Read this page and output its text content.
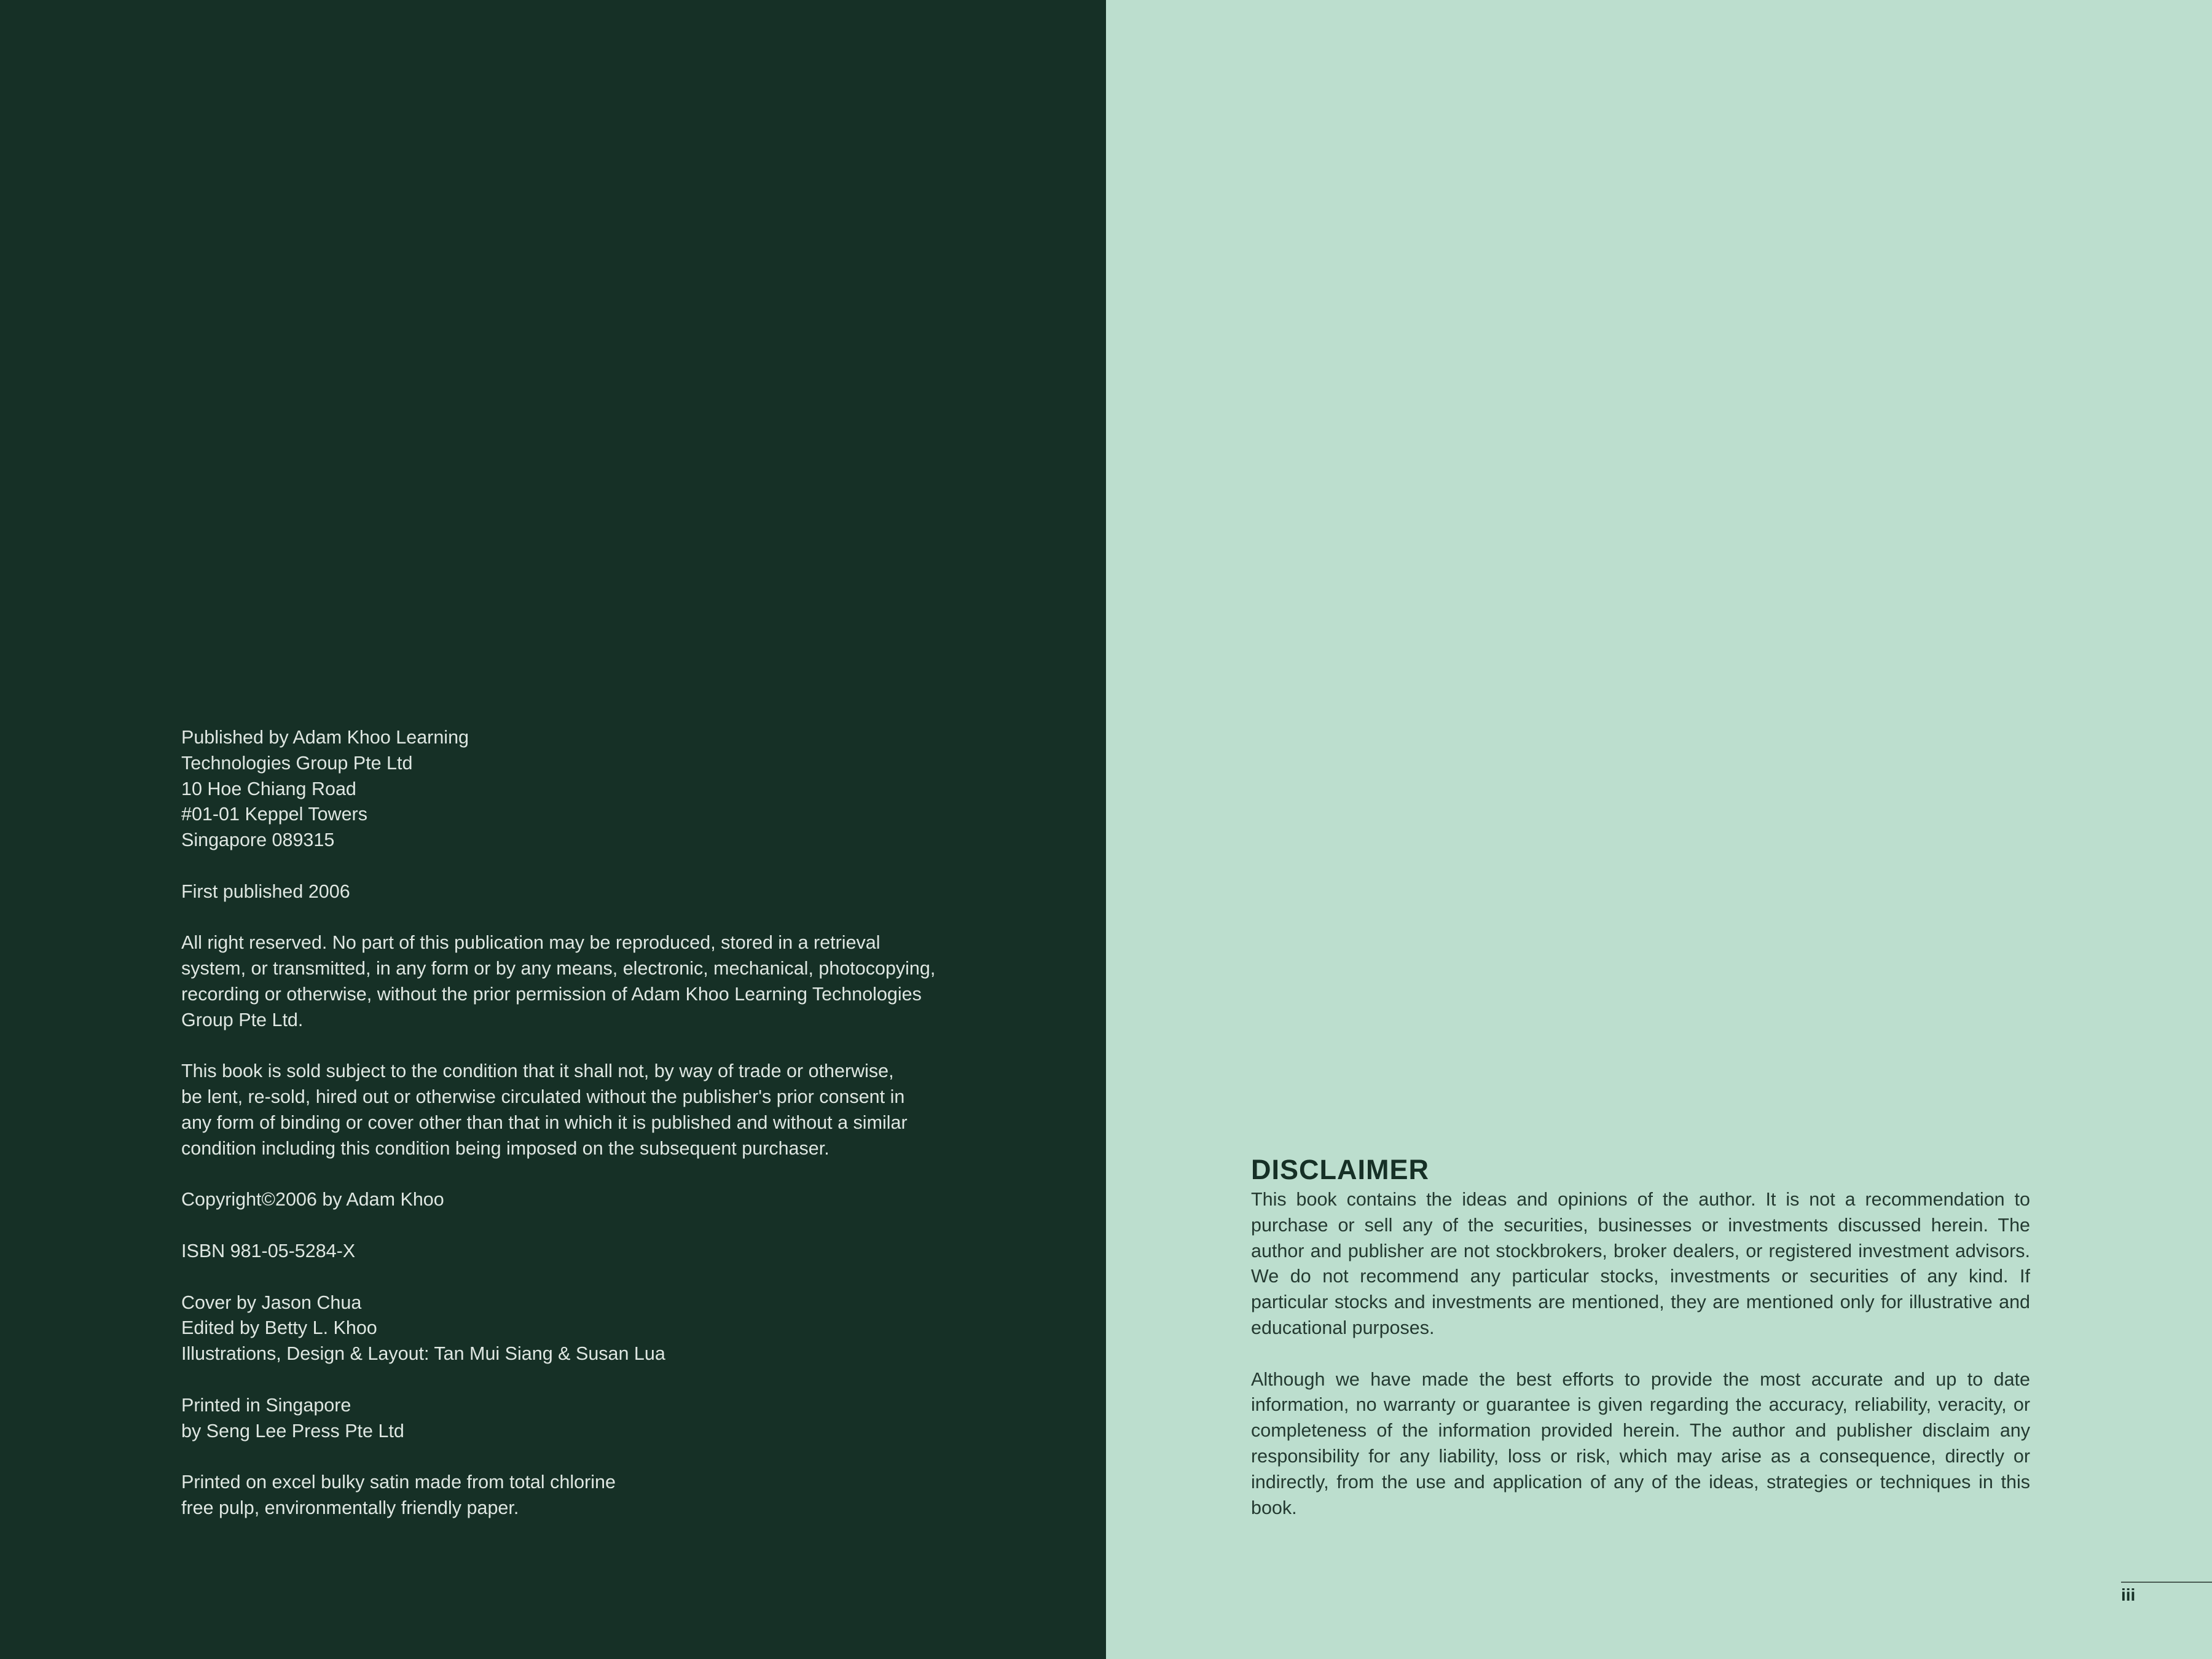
Published by Adam Khoo Learning
Technologies Group Pte Ltd
10 Hoe Chiang Road
#01-01 Keppel Towers
Singapore 089315

First published 2006

All right reserved. No part of this publication may be reproduced, stored in a retrieval
system, or transmitted, in any form or by any means, electronic, mechanical, photocopying,
recording or otherwise, without the prior permission of Adam Khoo Learning Technologies
Group Pte Ltd.

This book is sold subject to the condition that it shall not, by way of trade or otherwise,
be lent, re-sold, hired out or otherwise circulated without the publisher's prior consent in
any form of binding or cover other than that in which it is published and without a similar
condition including this condition being imposed on the subsequent purchaser.

Copyright©2006 by Adam Khoo

ISBN 981-05-5284-X

Cover by Jason Chua
Edited by Betty L. Khoo
Illustrations, Design & Layout: Tan Mui Siang & Susan Lua

Printed in Singapore
by Seng Lee Press Pte Ltd

Printed on excel bulky satin made from total chlorine
free pulp, environmentally friendly paper.

DISCLAIMER

This book contains the ideas and opinions of the author. It is not a recommendation to purchase or sell any of the securities, businesses or investments discussed herein. The author and publisher are not stockbrokers, broker dealers, or registered investment advisors. We do not recommend any particular stocks, investments or securities of any kind. If particular stocks and investments are mentioned, they are mentioned only for illustrative and educational purposes.

Although we have made the best efforts to provide the most accurate and up to date information, no warranty or guarantee is given regarding the accuracy, reliability, veracity, or completeness of the information provided herein. The author and publisher disclaim any responsibility for any liability, loss or risk, which may arise as a consequence, directly or indirectly, from the use and application of any of the ideas, strategies or techniques in this book.

iii
